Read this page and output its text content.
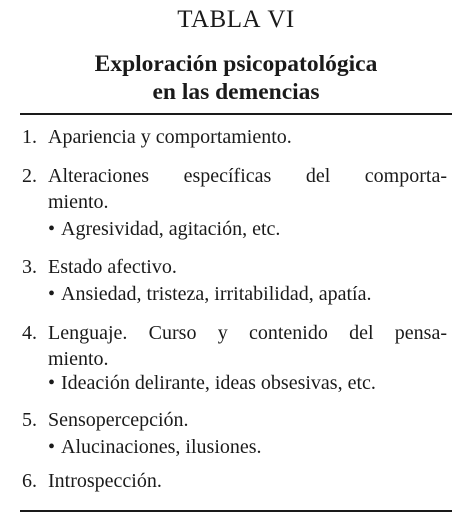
TABLA VI
Exploración psicopatológica
en las demencias
1. Apariencia y comportamiento.
2. Alteraciones específicas del comporta-
miento.
• Agresividad, agitación, etc.
3. Estado afectivo.
• Ansiedad, tristeza, irritabilidad, apatía.
4. Lenguaje. Curso y contenido del pensa-
miento.
• Ideación delirante, ideas obsesivas, etc.
5. Sensopercepción.
• Alucinaciones, ilusiones.
6. Introspección.
